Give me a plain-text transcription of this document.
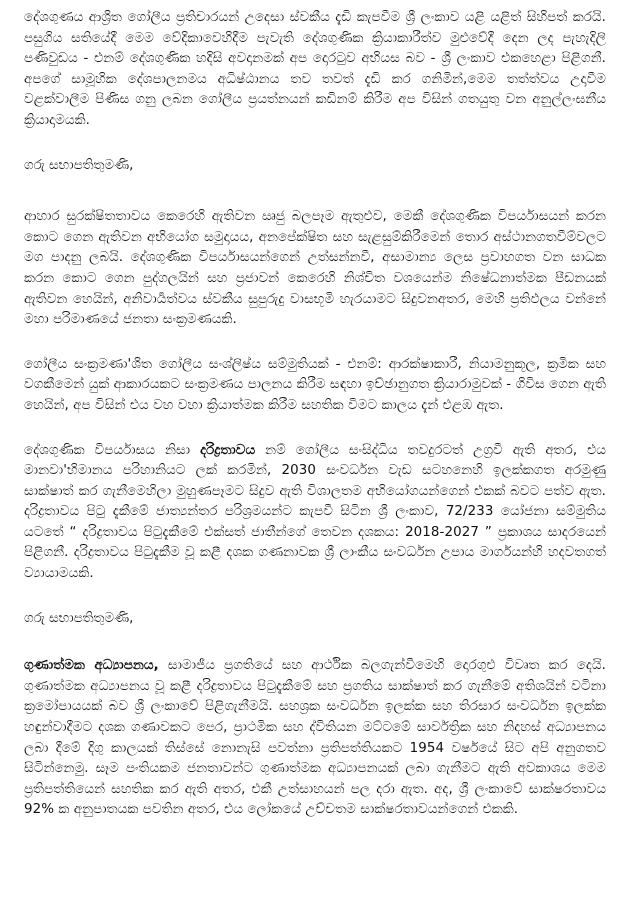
දේශගුණය ආශ්‍රිත ගෝලීය ප්‍රතිචාරයන් උදෙසා ස්වකීය දැඩි කැපවීම ශ්‍රී ලංකාව යළි යළිත් සිහිපත් කරයි. පසුගිය සතියේදී මෙම වේදිකාවෙහිදීම පැවැති දේශගුණික ක්‍රියාකාරීත්ව මුළුවේදී දෙන ලද පැහැදිලි පණිවුඩය - එනම් දේශගුණික හදිසි අවදානමක් අප දොරටුව අභියස බව - ශ්‍රී ලංකාව එකහෙළා පිළිගනී. අපගේ සාමූහික දේශපාලනමය අධිෂ්ඨානය තව තවත් දැඩි කර ගනිමින්,මෙම තත්ත්වය උදාවීම වළක්වාලීම පිණිස ගනු ලබන ගෝලීය ප්‍රයත්නයන් කඩිනම් කිරීම අප විසින් ගතයුතු වන අනුල්ලංඝනීය ක්‍රියාදාමයකි.

ගරු සභාපතිතුමණි,

ආහාර සුරක්ෂිතතාවය කෙරෙහි ඇතිවන ඍජු බලපෑම ඇතුළුව, මෙකී දේශගුණික විපර්යාසයන් කරන කොට ගෙන ඇතිවන අභියෝග සමුදායය, අනපේක්ෂිත සහ සැළසුම්කිරීමෙන් තොර අස්ථානගතවීම්වලට මග පාදනු ලබයි. දේශගුණික විපර්යාසයන්ගෙන් උත්සන්නවී, අසාමාන්‍ය ලෙස ප්‍රවාහගත වන සාධක කරන කොට ගෙන පුද්ගලයින් සහ ප්‍රජාවන් කෙරෙහි නිශ්චිත වශයෙන්ම නිෂේධනාත්මක පීඩනයක් ඇතිවන හෙයින්, අනිවාර්‍යත්වය ස්වකීය සුපුරුදු වාසභූමි හැරයාමට සිදුවනඅතර, මෙහි ප්‍රතිඵලය වන්නේ මහා පරිමාණයේ ජනතා සංක්‍රමණයකි.

ගෝලීය සංක්‍රමණා'ශිත ගෝලීය සංශ්ලිෂ්ය සම්මුතියක් - එනම්: ආරක්ෂාකාරී, නියාමනුකූල, ක්‍රමික සහ වගකීමෙන් යුක් ආකාරයකට සංක්‍රමණය පාලනය කිරීම සඳහා ඉච්ඡානුගත ක්‍රියාරාමුවක් - ගිවිස ගෙන ඇති හෙයින්, අප විසින් එය වහ වහා ක්‍රියාත්මක කිරීම සහතික විමට කාලය දැන් එළඹ ඇත.

දේශගුණික විපර්යාසය නිසා දරිද්‍රතාවය නම් ගෝලීය සංසිද්ධිය තවදුරටත් උග්‍රවී ඇති අතර, එය මානවා'භිමානය පරිහානියට ලක් කරමින්, 2030 සංවර්ධන වැඩ සටහනෙහි ඉලක්කගත අරමුණු සාක්ෂාත් කර ගැනීමෙහිලා මුහුණපෑමට සිදුව ඇති විශාලතම අභියෝගයන්ගෙන් එකක් බවට පත්ව ඇත. දරිද්‍රතාවය පිටු දැකීමේ ජාත්‍යන්තර පරිශ්‍රමයන්ට කැපවී සිටින ශ්‍රී ලංකාව, 72/233 යෝජනා සම්මුතිය යටතේ “ දරිද්‍රතාවය පිටුදැකීමේ එක්සත් ජාතීන්ගේ තෙවන දශකය: 2018-2027 ” ප්‍රකාශය සාදරයෙන් පිළිගනී. දරිද්‍රතාවය පිටුදැකීම වූ කළී දශක ගණනාවක ශ්‍රී ලාංකීය සංවර්ධන උපාය මාර්ගයන්හි හදවතගත් ව්‍යායාමයකි.

ගරු සභාපතිතුමණි,

ගුණාත්මක අධ්‍යාපනය, සාමාජීය ප්‍රගතියේ සහ ආර්ථික බලගැන්වීමෙහි දොරගුළු විවෘත කර දෙයි. ගුණාත්මක අධ්‍යාපනය වූ කළී දරිද්‍රතාවය පිටුදැකීමේ සහ ප්‍රගතිය සාක්ෂාත් කර ගැනීමේ අතිශයින් වටිනා ක්‍රමෝපායයක් බව ශ්‍රී ලංකාවේ පිළිගැනීමයි. සහශ්‍රක සංවර්ධන ඉලක්ක සහ තිරසාර සංවර්ධන ඉලක්ක හඳුන්වාදීමට දශක ගණාවකට පෙර, ප්‍රාථමික සහ ද්විතියන මට්ටමේ සාර්වත්‍රික සහ නිදහස් අධ්‍යාපනය ලබා දීමේ දිගු කාලයක් තිස්සේ නොනැසි පවත්නා ප්‍රතිපත්තියකට 1954 වර්ෂයේ සිට අපි අනුගතව සිටින්නෙමු. සෑම පංතියකම ජනතාවන්ට ගුණාත්මක අධ්‍යාපනයක් ලබා ගැනීමට ඇති අවකාශය මෙම ප්‍රතිපත්තියෙන් සහතික කර ඇති අතර, එකී උත්සාහයන් පල දරා ඇත. අද, ශ්‍රී ලංකාවේ සාක්ෂරතාවය 92% ක අනුපාතයක පවතින අතර, එය ලෝකයේ උච්චතම සාක්ෂරතාවයන්ගෙන් එකකි.
